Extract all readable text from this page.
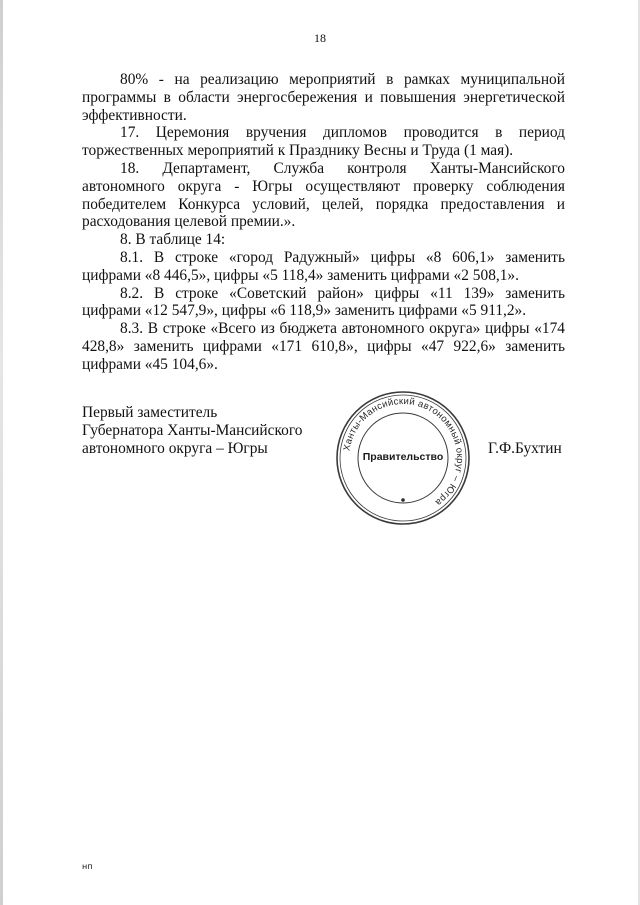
18

80% - на реализацию мероприятий в рамках муниципальной программы в области энергосбережения и повышения энергетической эффективности.

17. Церемония вручения дипломов проводится в период торжественных мероприятий к Празднику Весны и Труда (1 мая).

18. Департамент, Служба контроля Ханты-Мансийского автономного округа - Югры осуществляют проверку соблюдения победителем Конкурса условий, целей, порядка предоставления и расходования целевой премии.».

8. В таблице 14:

8.1. В строке «город Радужный» цифры «8 606,1» заменить цифрами «8 446,5», цифры «5 118,4» заменить цифрами «2 508,1».

8.2. В строке «Советский район» цифры «11 139» заменить цифрами «12 547,9», цифры «6 118,9» заменить цифрами «5 911,2».

8.3. В строке «Всего из бюджета автономного округа» цифры «174 428,8» заменить цифрами «171 610,8», цифры «47 922,6» заменить цифрами «45 104,6».

Первый заместитель
Губернатора Ханты-Мансийского
автономного округа – Югры	Ханты-Мансийский автономный округ – Югра
Правительство	Г.Ф.Бухтин
нп
